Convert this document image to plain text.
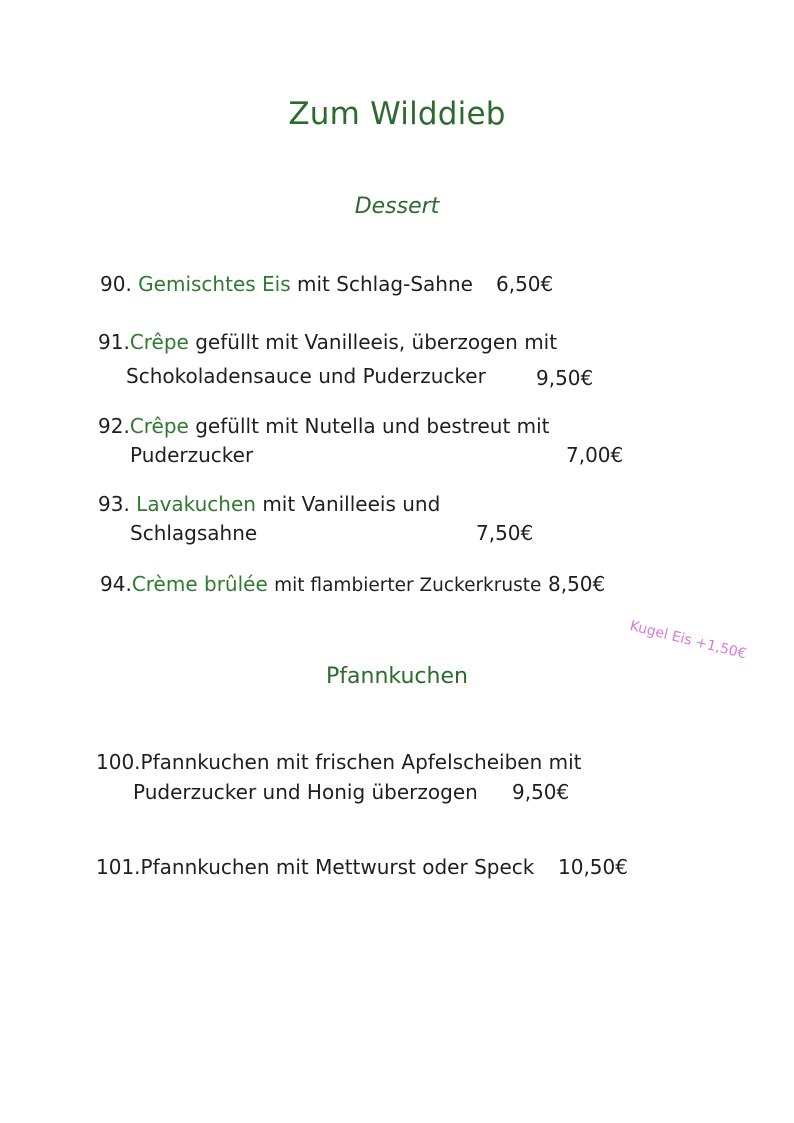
Zum Wilddieb
Dessert
90. Gemischtes Eis mit Schlag-Sahne 6,50€
91.Crêpe gefüllt mit Vanilleeis, überzogen mit
Schokoladensauce und Puderzucker	9,50€
92.Crêpe gefüllt mit Nutella und bestreut mit
Puderzucker	7,00€
93. Lavakuchen mit Vanilleeis und
Schlagsahne	7,50€
94.Crème brûlée mit flambierter Zuckerkruste 8,50€
Kugel Eis +1,50€
Pfannkuchen
100.Pfannkuchen mit frischen Apfelscheiben mit
Puderzucker und Honig überzogen 9,50€
101.Pfannkuchen mit Mettwurst oder Speck 10,50€
